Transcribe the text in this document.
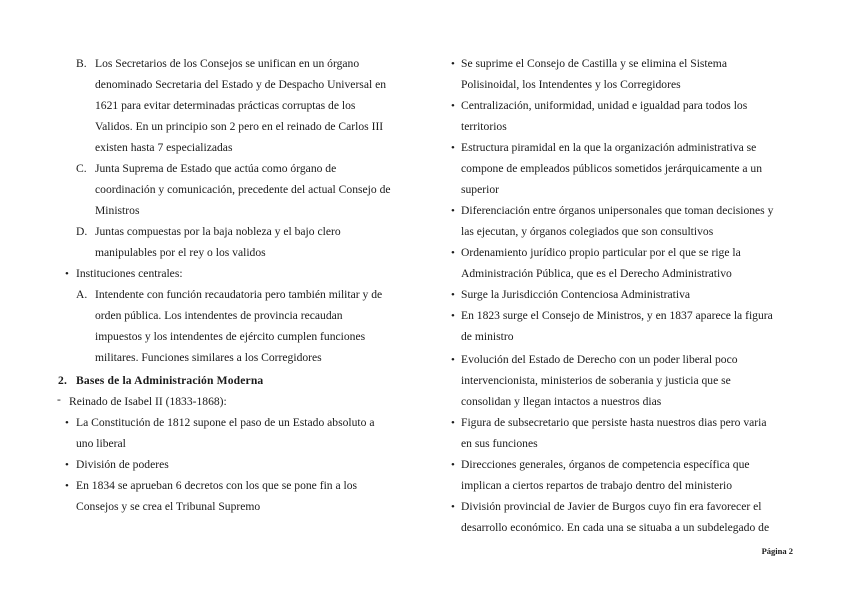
B. Los Secretarios de los Consejos se unifican en un órgano
denominado Secretaria del Estado y de Despacho Universal en
1621 para evitar determinadas prácticas corruptas de los
Validos. En un principio son 2 pero en el reinado de Carlos III
existen hasta 7 especializadas
C. Junta Suprema de Estado que actúa como órgano de
coordinación y comunicación, precedente del actual Consejo de
Ministros
D. Juntas compuestas por la baja nobleza y el bajo clero
manipulables por el rey o los validos
• Instituciones centrales:
A. Intendente con función recaudatoria pero también militar y de
orden pública. Los intendentes de provincia recaudan
impuestos y los intendentes de ejército cumplen funciones
militares. Funciones similares a los Corregidores
2. Bases de la Administración Moderna
- Reinado de Isabel II (1833-1868):
• La Constitución de 1812 supone el paso de un Estado absoluto a
uno liberal
• División de poderes
• En 1834 se aprueban 6 decretos con los que se pone fin a los
Consejos y se crea el Tribunal Supremo
• Se suprime el Consejo de Castilla y se elimina el Sistema
Polisinoidal, los Intendentes y los Corregidores
• Centralización, uniformidad, unidad e igualdad para todos los
territorios
• Estructura piramidal en la que la organización administrativa se
compone de empleados públicos sometidos jerárquicamente a un
superior
• Diferenciación entre órganos unipersonales que toman decisiones y
las ejecutan, y órganos colegiados que son consultivos
• Ordenamiento jurídico propio particular por el que se rige la
Administración Pública, que es el Derecho Administrativo
• Surge la Jurisdicción Contenciosa Administrativa
• En 1823 surge el Consejo de Ministros, y en 1837 aparece la figura
de ministro
• Evolución del Estado de Derecho con un poder liberal poco
intervencionista, ministerios de soberania y justicia que se
consolidan y llegan intactos a nuestros dias
• Figura de subsecretario que persiste hasta nuestros dias pero varia
en sus funciones
• Direcciones generales, órganos de competencia específica que
implican a ciertos repartos de trabajo dentro del ministerio
• División provincial de Javier de Burgos cuyo fin era favorecer el
desarrollo económico. En cada una se situaba a un subdelegado de
Página 2
